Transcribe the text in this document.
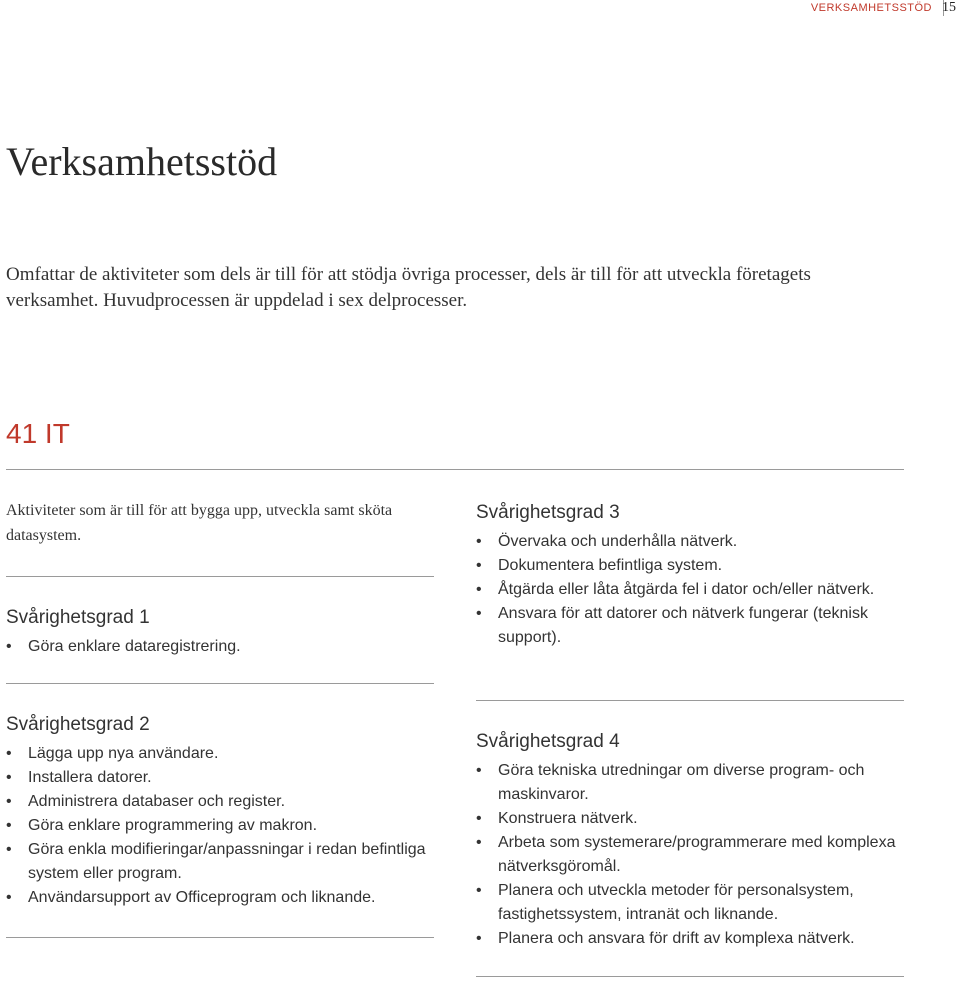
VERKSAMHETSSTÖD 15
Verksamhetsstöd

Omfattar de aktiviteter som dels är till för att stödja övriga processer, dels är till för att utveckla företagets verksamhet. Huvudprocessen är uppdelad i sex delprocesser.

41 IT

Aktiviteter som är till för att bygga upp, utveckla samt sköta datasystem.

Svårighetsgrad 1
• Göra enklare dataregistrering.
Svårighetsgrad 2
• Lägga upp nya användare.
• Installera datorer.
• Administrera databaser och register.
• Göra enklare programmering av makron.
• Göra enkla modifieringar/anpassningar i redan befintliga system eller program.
• Användarsupport av Officeprogram och liknande.
Svårighetsgrad 3
• Övervaka och underhålla nätverk.
• Dokumentera befintliga system.
• Åtgärda eller låta åtgärda fel i dator och/eller nätverk.
• Ansvara för att datorer och nätverk fungerar (teknisk support).
Svårighetsgrad 4
• Göra tekniska utredningar om diverse program- och maskinvaror.
• Konstruera nätverk.
• Arbeta som systemerare/programmerare med komplexa nätverksgöromål.
• Planera och utveckla metoder för personalsystem, fastighetssystem, intranät och liknande.
• Planera och ansvara för drift av komplexa nätverk.
